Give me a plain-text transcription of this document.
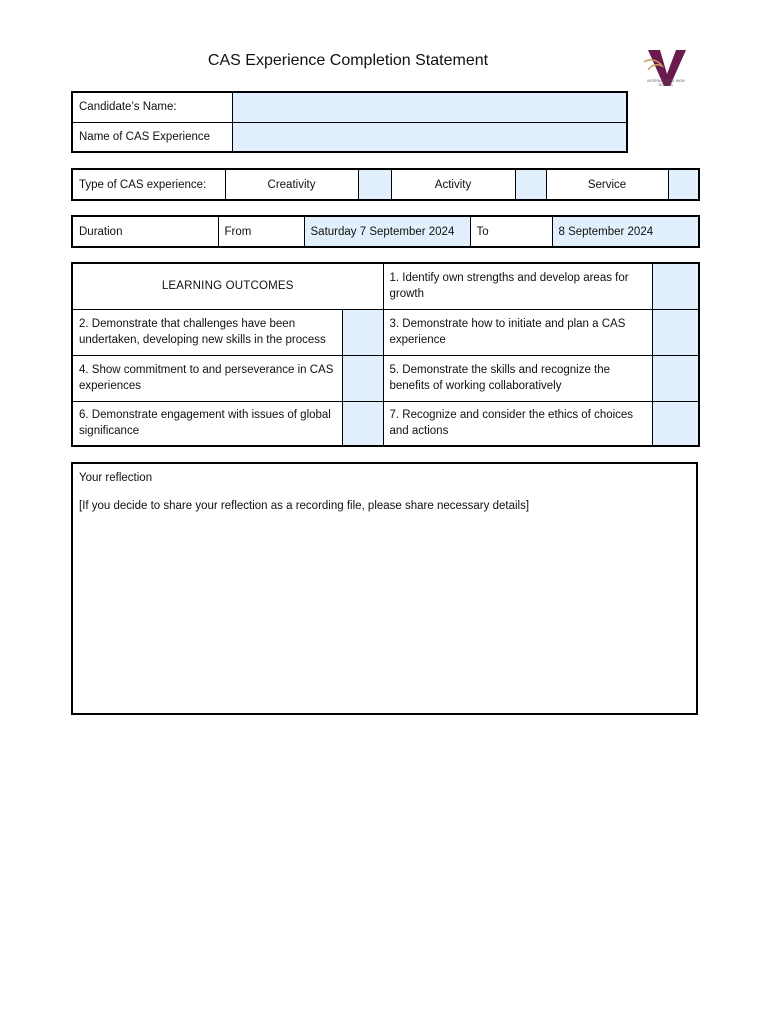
CAS Experience Completion Statement
INTERNATIONAL HIGH SCHOOL
Candidate’s Name:	
Name of CAS Experience	
Type of CAS experience:	Creativity		Activity		Service	
Duration	From	Saturday 7 September 2024	To	8 September 2024
LEARNING OUTCOMES		1. Identify own strengths and develop areas for growth	
2. Demonstrate that challenges have been undertaken, developing new skills in the process		3. Demonstrate how to initiate and plan a CAS experience	
4. Show commitment to and perseverance in CAS experiences		5. Demonstrate the skills and recognize the benefits of working collaboratively	
6. Demonstrate engagement with issues of global significance		7. Recognize and consider the ethics of choices and actions	

Your reflection

[If you decide to share your reflection as a recording file, please share necessary details]
